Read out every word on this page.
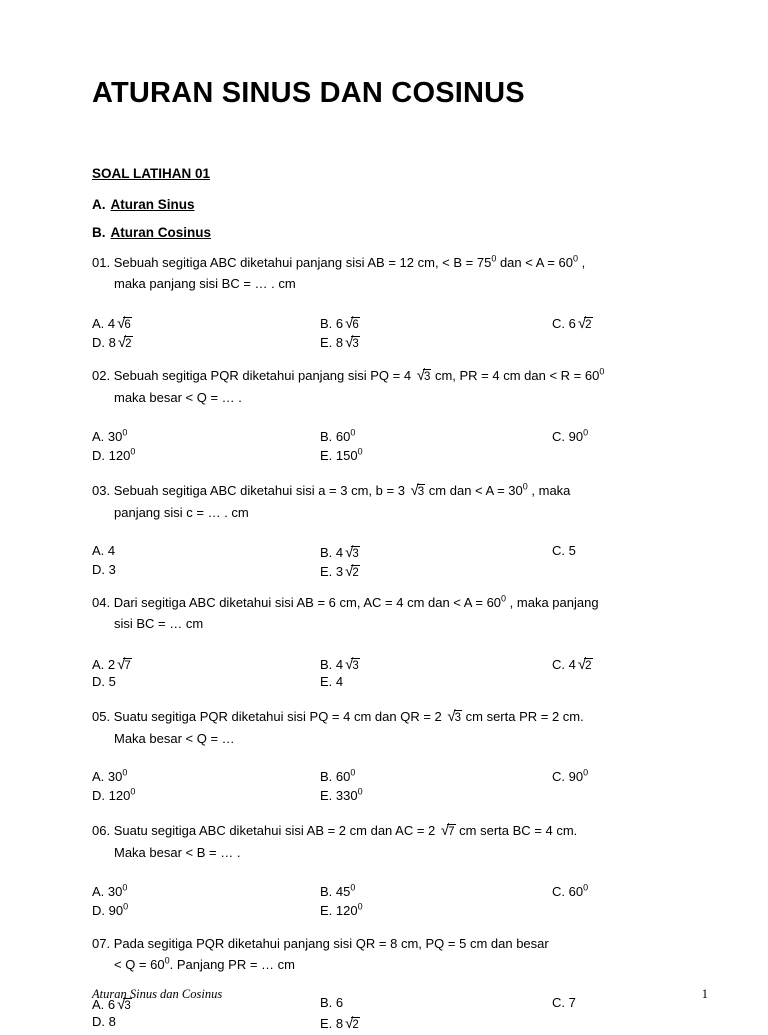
ATURAN SINUS DAN COSINUS
SOAL LATIHAN 01
A. Aturan Sinus
B. Aturan Cosinus
01. Sebuah segitiga ABC diketahui panjang sisi AB = 12 cm, < $B = 75^0$ dan < $A = 60^0$ ,
maka panjang sisi BC = … . cm
A. 4 √6	B. 6 √6	C. 6 √2
D. 8 √2	E. 8 √3
02. Sebuah segitiga PQR diketahui panjang sisi PQ = 4 √3 cm, PR = 4 cm dan < $R = 60^0$
maka besar < Q = … .
A. $30^0$	B. $60^0$	C. $90^0$
D. $120^0$	E. $150^0$
03. Sebuah segitiga ABC diketahui sisi a = 3 cm, b = 3 √3 cm dan < $A = 30^0$ , maka
panjang sisi c = … . cm
A. 4	B. 4 √3	C. 5
D. 3	E. 3 √2
04. Dari segitiga ABC diketahui sisi AB = 6 cm, AC = 4 cm dan < $A = 60^0$ , maka panjang
sisi BC = … cm
A. 2 √7	B. 4 √3	C. 4 √2
D. 5	E. 4
05. Suatu segitiga PQR diketahui sisi PQ = 4 cm dan QR = 2 √3 cm serta PR = 2 cm.
Maka besar < Q = …
A. $30^0$	B. $60^0$	C. $90^0$
D. $120^0$	E. $330^0$
06. Suatu segitiga ABC diketahui sisi AB = 2 cm dan AC = 2 √7 cm serta BC = 4 cm.
Maka besar < B = … .
A. $30^0$	B. $45^0$	C. $60^0$
D. $90^0$	E. $120^0$
07. Pada segitiga PQR diketahui panjang sisi QR = 8 cm, PQ = 5 cm dan besar
< $Q = 60^0$. Panjang PR = … cm
A. 6 √3	B. 6	C. 7
D. 8	E. 8 √2
Aturan Sinus dan Cosinus	1
